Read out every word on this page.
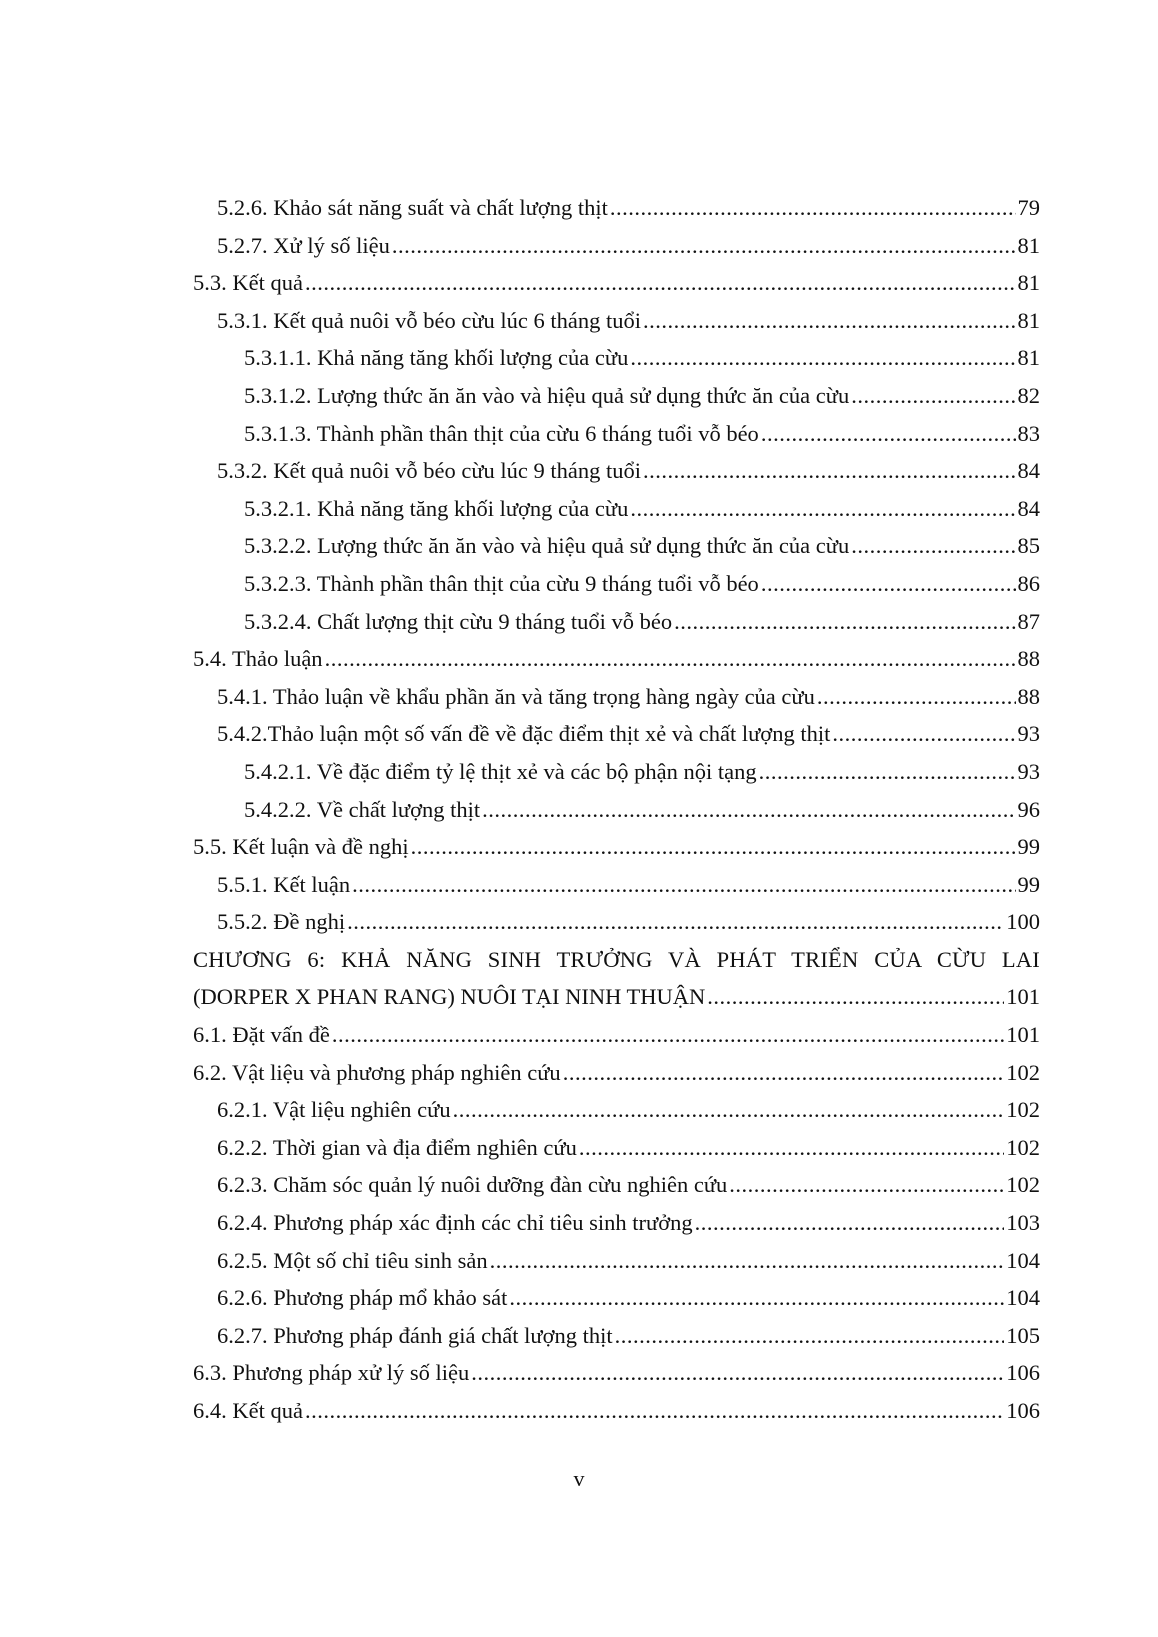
5.2.6. Khảo sát năng suất và chất lượng thịt .....	79
5.2.7. Xử lý số liệu .....	81
5.3. Kết quả .....	81
5.3.1. Kết quả nuôi vỗ béo cừu lúc 6 tháng tuổi .....	81
5.3.1.1. Khả năng tăng khối lượng của cừu .....	81
5.3.1.2. Lượng thức ăn ăn vào và hiệu quả sử dụng thức ăn của cừu .....	82
5.3.1.3. Thành phần thân thịt của cừu 6 tháng tuổi vỗ béo .....	83
5.3.2. Kết quả nuôi vỗ béo cừu lúc 9 tháng tuổi .....	84
5.3.2.1. Khả năng tăng khối lượng của cừu .....	84
5.3.2.2. Lượng thức ăn ăn vào và hiệu quả sử dụng thức ăn của cừu .....	85
5.3.2.3. Thành phần thân thịt của cừu 9 tháng tuổi vỗ béo .....	86
5.3.2.4. Chất lượng thịt cừu 9 tháng tuổi vỗ béo .....	87
5.4. Thảo luận .....	88
5.4.1. Thảo luận về khẩu phần ăn và tăng trọng hàng ngày của cừu .....	88
5.4.2.Thảo luận một số vấn đề về đặc điểm thịt xẻ và chất lượng thịt .....	93
5.4.2.1. Về đặc điểm tỷ lệ thịt xẻ và các bộ phận nội tạng .....	93
5.4.2.2. Về chất lượng thịt .....	96
5.5. Kết luận và đề nghị .....	99
5.5.1. Kết luận .....	99
5.5.2. Đề nghị .....	100
CHƯƠNG 6: KHẢ NĂNG SINH TRƯỞNG VÀ PHÁT TRIỂN CỦA CỪU LAI
(DORPER X PHAN RANG) NUÔI TẠI NINH THUẬN .....	101
6.1. Đặt vấn đề .....	101
6.2. Vật liệu và phương pháp nghiên cứu .....	102
6.2.1. Vật liệu nghiên cứu .....	102
6.2.2. Thời gian và địa điểm nghiên cứu .....	102
6.2.3. Chăm sóc quản lý nuôi dưỡng đàn cừu nghiên cứu .....	102
6.2.4. Phương pháp xác định các chỉ tiêu sinh trưởng .....	103
6.2.5. Một số chỉ tiêu sinh sản .....	104
6.2.6. Phương pháp mổ khảo sát .....	104
6.2.7. Phương pháp đánh giá chất lượng thịt .....	105
6.3. Phương pháp xử lý số liệu .....	106
6.4. Kết quả .....	106
v
